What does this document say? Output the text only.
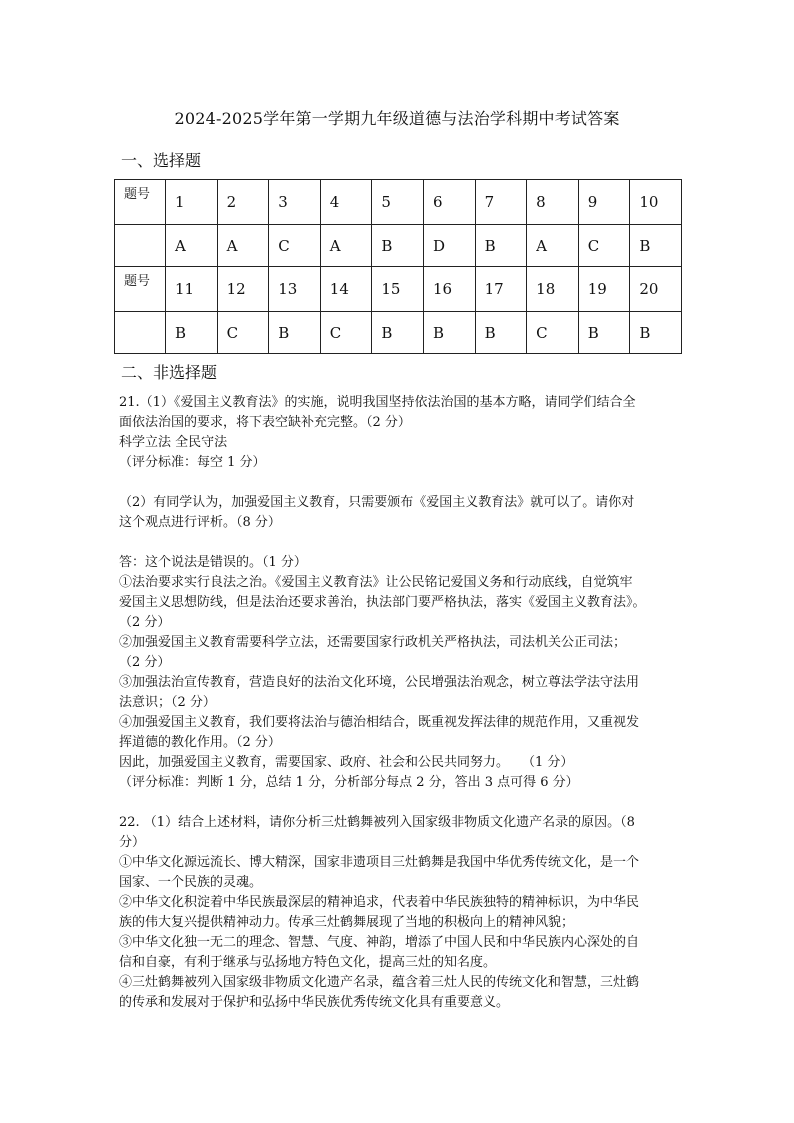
2024-2025学年第一学期九年级道德与法治学科期中考试答案
一、选择题
题号	1	2	3	4	5	6	7	8	9	10
	A	A	C	A	B	D	B	A	C	B
题号	11	12	13	14	15	16	17	18	19	20
	B	C	B	C	B	B	B	C	B	B
二、非选择题

21.（1）《爱国主义教育法》的实施，说明我国坚持依法治国的基本方略，请同学们结合全

面依法治国的要求，将下表空缺补充完整。（2 分）

科学立法 全民守法

（评分标准：每空 1 分）

（2）有同学认为，加强爱国主义教育，只需要颁布《爱国主义教育法》就可以了。请你对

这个观点进行评析。（8 分）

答：这个说法是错误的。（1 分）

①法治要求实行良法之治。《爱国主义教育法》让公民铭记爱国义务和行动底线，自觉筑牢

爱国主义思想防线，但是法治还要求善治，执法部门要严格执法，落实《爱国主义教育法》。

（2 分）

②加强爱国主义教育需要科学立法，还需要国家行政机关严格执法，司法机关公正司法；

（2 分）

③加强法治宣传教育，营造良好的法治文化环境，公民增强法治观念，树立尊法学法守法用

法意识；（2 分）

④加强爱国主义教育，我们要将法治与德治相结合，既重视发挥法律的规范作用，又重视发

挥道德的教化作用。（2 分）

因此，加强爱国主义教育，需要国家、政府、社会和公民共同努力。　　（1 分）

（评分标准：判断 1 分，总结 1 分，分析部分每点 2 分，答出 3 点可得 6 分）

22. （1）结合上述材料，请你分析三灶鹤舞被列入国家级非物质文化遗产名录的原因。（8

分）

①中华文化源远流长、博大精深，国家非遗项目三灶鹤舞是我国中华优秀传统文化，是一个

国家、一个民族的灵魂。

②中华文化积淀着中华民族最深层的精神追求，代表着中华民族独特的精神标识，为中华民

族的伟大复兴提供精神动力。传承三灶鹤舞展现了当地的积极向上的精神风貌；

③中华文化独一无二的理念、智慧、气度、神韵，增添了中国人民和中华民族内心深处的自

信和自豪，有利于继承与弘扬地方特色文化，提高三灶的知名度。

④三灶鹤舞被列入国家级非物质文化遗产名录，蕴含着三灶人民的传统文化和智慧，三灶鹤

的传承和发展对于保护和弘扬中华民族优秀传统文化具有重要意义。
